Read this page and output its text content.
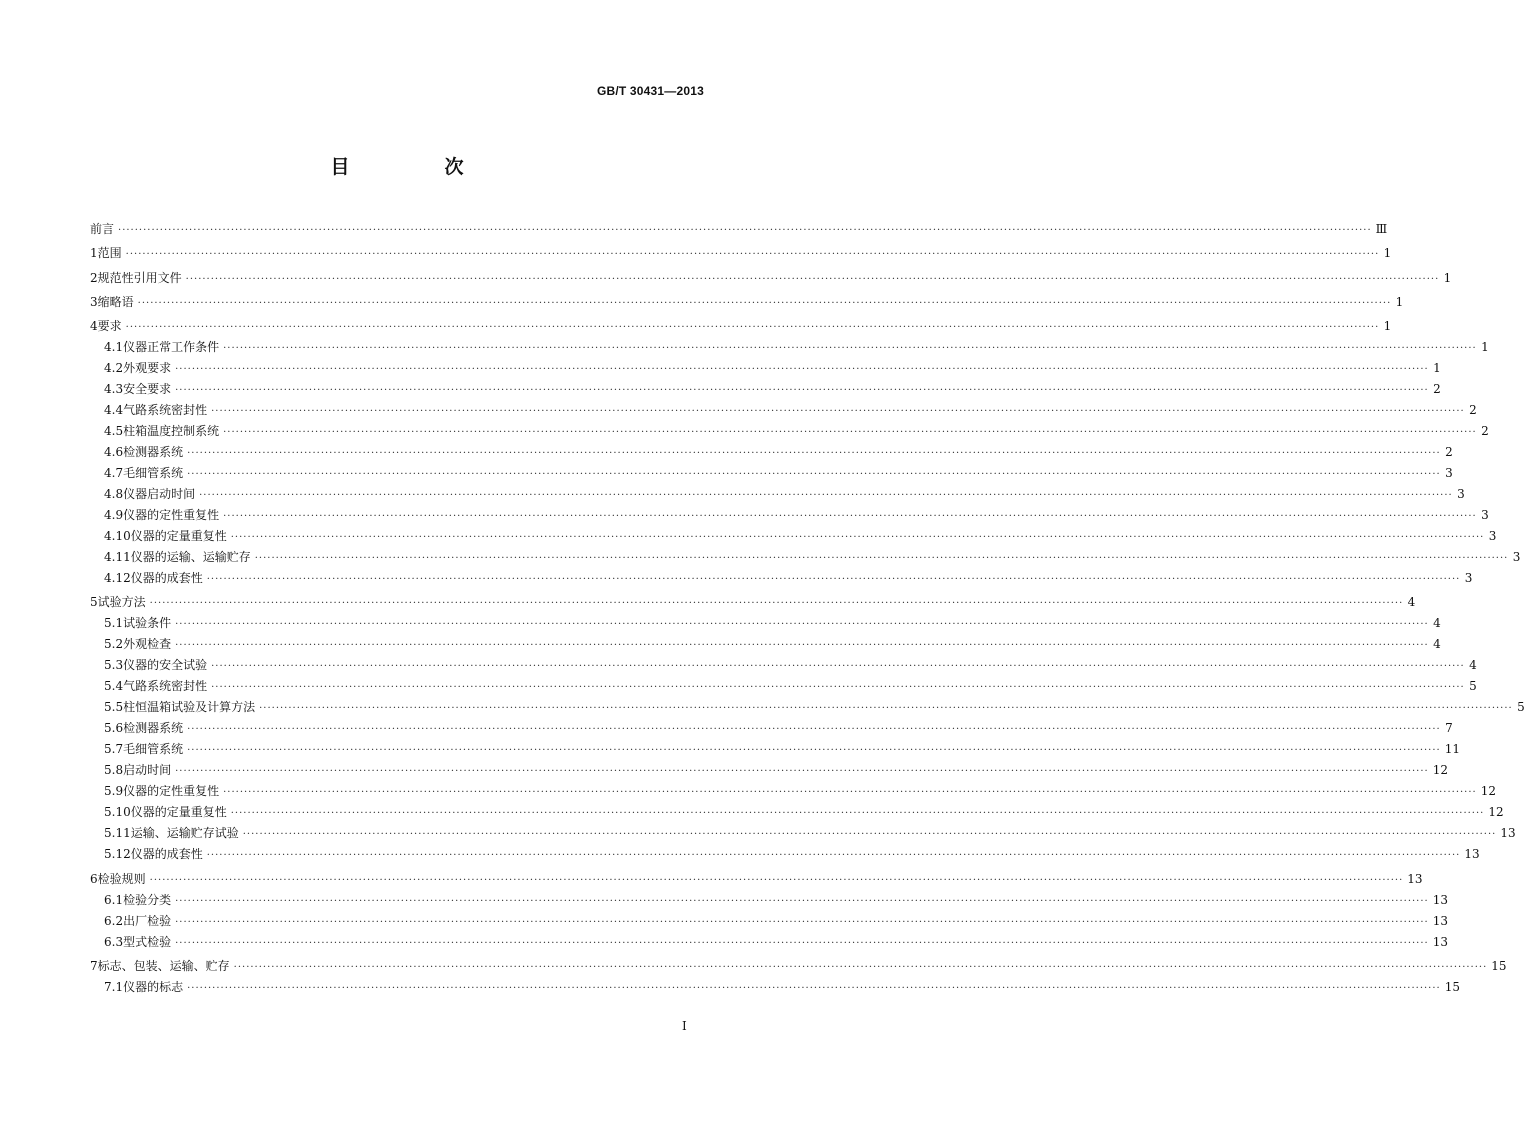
GB/T 30431—2013
目　次
前言 ············································································································································································································································································································ Ⅲ
1 范围 ············································································································································································································································································································ 1
2 规范性引用文件 ············································································································································································································································································································ 1
3 缩略语 ············································································································································································································································································································ 1
4 要求 ············································································································································································································································································································ 1
4.1 仪器正常工作条件 ············································································································································································································································································································ 1
4.2 外观要求 ············································································································································································································································································································ 1
4.3 安全要求 ············································································································································································································································································································ 2
4.4 气路系统密封性 ············································································································································································································································································································ 2
4.5 柱箱温度控制系统 ············································································································································································································································································································ 2
4.6 检测器系统 ············································································································································································································································································································ 2
4.7 毛细管系统 ············································································································································································································································································································ 3
4.8 仪器启动时间 ············································································································································································································································································································ 3
4.9 仪器的定性重复性 ············································································································································································································································································································ 3
4.10 仪器的定量重复性 ············································································································································································································································································································ 3
4.11 仪器的运输、运输贮存 ············································································································································································································································································································ 3
4.12 仪器的成套性 ············································································································································································································································································································ 3
5 试验方法 ············································································································································································································································································································ 4
5.1 试验条件 ············································································································································································································································································································ 4
5.2 外观检查 ············································································································································································································································································································ 4
5.3 仪器的安全试验 ············································································································································································································································································································ 4
5.4 气路系统密封性 ············································································································································································································································································································ 5
5.5 柱恒温箱试验及计算方法 ············································································································································································································································································································ 5
5.6 检测器系统 ············································································································································································································································································································ 7
5.7 毛细管系统 ············································································································································································································································································································ 11
5.8 启动时间 ············································································································································································································································································································ 12
5.9 仪器的定性重复性 ············································································································································································································································································································ 12
5.10 仪器的定量重复性 ············································································································································································································································································································ 12
5.11 运输、运输贮存试验 ············································································································································································································································································································ 13
5.12 仪器的成套性 ············································································································································································································································································································ 13
6 检验规则 ············································································································································································································································································································ 13
6.1 检验分类 ············································································································································································································································································································ 13
6.2 出厂检验 ············································································································································································································································································································ 13
6.3 型式检验 ············································································································································································································································································································ 13
7 标志、包装、运输、贮存 ············································································································································································································································································································ 15
7.1 仪器的标志 ············································································································································································································································································································ 15
I
